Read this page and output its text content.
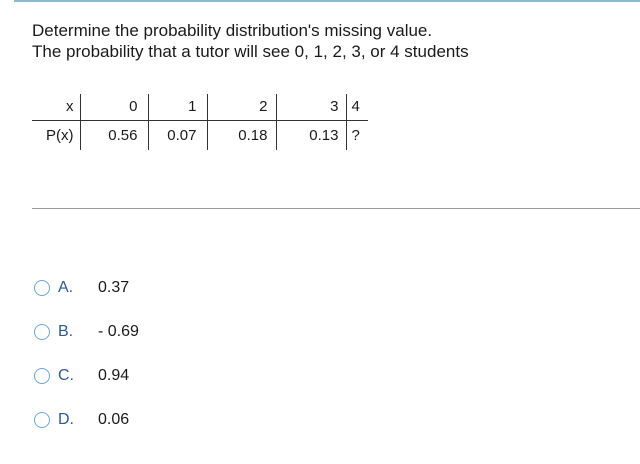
Determine the probability distribution's missing value.
The probability that a tutor will see 0, 1, 2, 3, or 4 students
x	0	1	2	3	4
P(x)	0.56	0.07	0.18	0.13	?
A.	0.37
B.	- 0.69
C.	0.94
D.	0.06
